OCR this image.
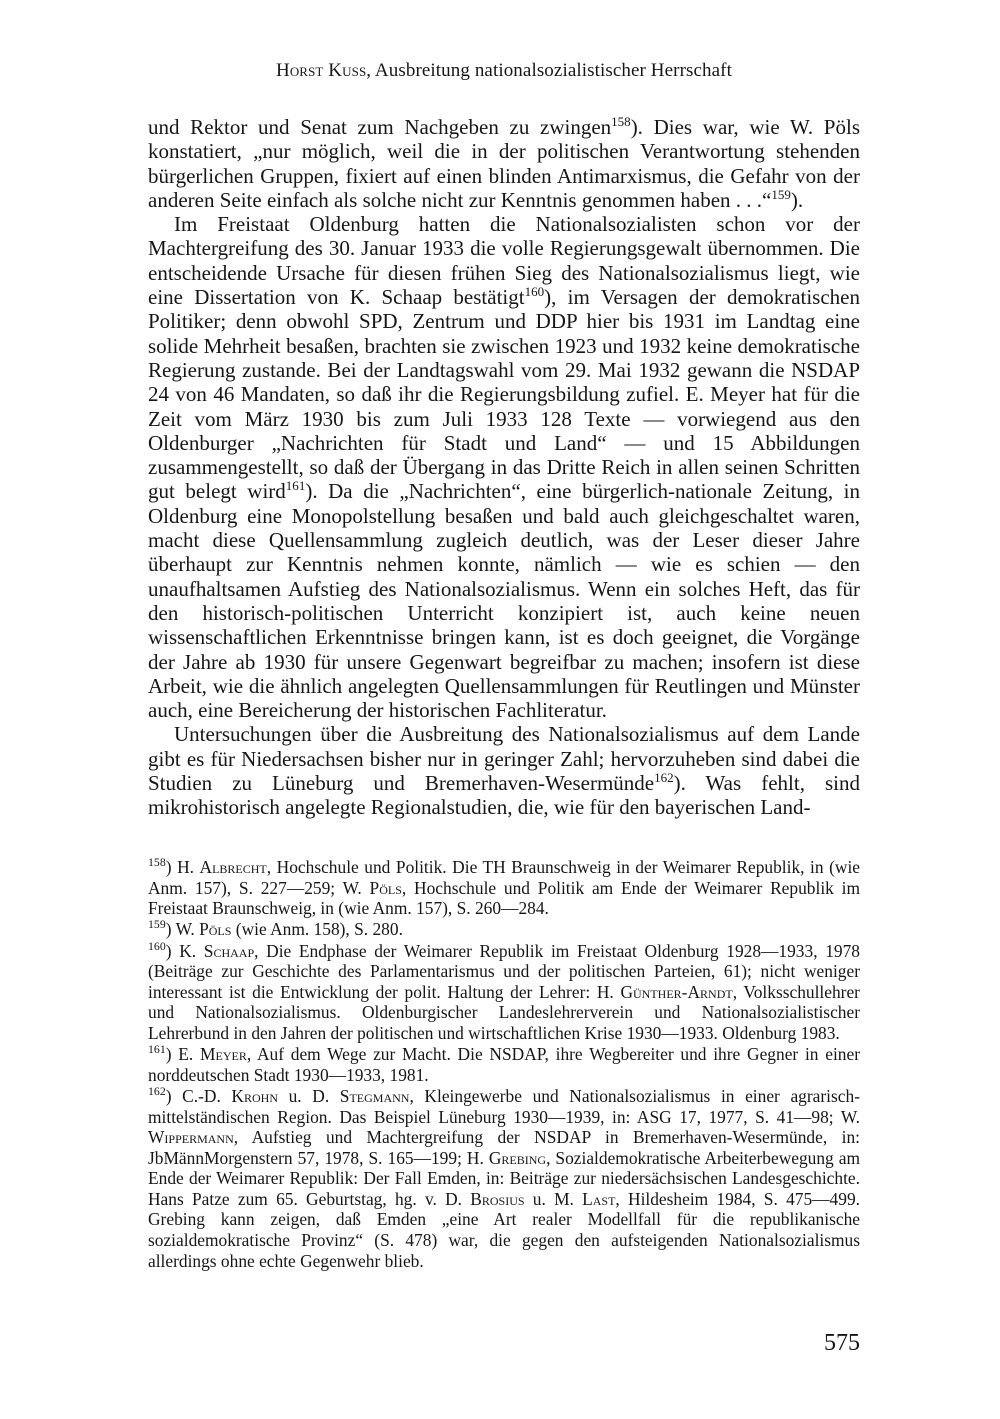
Horst Kuss, Ausbreitung nationalsozialistischer Herrschaft

und Rektor und Senat zum Nachgeben zu zwingen$^{158}$). Dies war, wie W. Pöls konstatiert, „nur möglich, weil die in der politischen Verantwortung stehenden bürgerlichen Gruppen, fixiert auf einen blinden Antimarxismus, die Gefahr von der anderen Seite einfach als solche nicht zur Kenntnis genommen haben . . .“$^{159}$).

Im Freistaat Oldenburg hatten die Nationalsozialisten schon vor der Machtergreifung des 30. Januar 1933 die volle Regierungsgewalt übernommen. Die entscheidende Ursache für diesen frühen Sieg des Nationalsozialismus liegt, wie eine Dissertation von K. Schaap bestätigt$^{160}$), im Versagen der demokratischen Politiker; denn obwohl SPD, Zentrum und DDP hier bis 1931 im Landtag eine solide Mehrheit besaßen, brachten sie zwischen 1923 und 1932 keine demokratische Regierung zustande. Bei der Landtagswahl vom 29. Mai 1932 gewann die NSDAP 24 von 46 Mandaten, so daß ihr die Regierungsbildung zufiel. E. Meyer hat für die Zeit vom März 1930 bis zum Juli 1933 128 Texte — vorwiegend aus den Oldenburger „Nachrichten für Stadt und Land“ — und 15 Abbildungen zusammengestellt, so daß der Übergang in das Dritte Reich in allen seinen Schritten gut belegt wird$^{161}$). Da die „Nachrichten“, eine bürgerlich-nationale Zeitung, in Oldenburg eine Monopolstellung besaßen und bald auch gleichgeschaltet waren, macht diese Quellensammlung zugleich deutlich, was der Leser dieser Jahre überhaupt zur Kenntnis nehmen konnte, nämlich — wie es schien — den unaufhaltsamen Aufstieg des Nationalsozialismus. Wenn ein solches Heft, das für den historisch-politischen Unterricht konzipiert ist, auch keine neuen wissenschaftlichen Erkenntnisse bringen kann, ist es doch geeignet, die Vorgänge der Jahre ab 1930 für unsere Gegenwart begreifbar zu machen; insofern ist diese Arbeit, wie die ähnlich angelegten Quellensammlungen für Reutlingen und Münster auch, eine Bereicherung der historischen Fachliteratur.

Untersuchungen über die Ausbreitung des Nationalsozialismus auf dem Lande gibt es für Niedersachsen bisher nur in geringer Zahl; hervorzuheben sind dabei die Studien zu Lüneburg und Bremerhaven-Wesermünde$^{162}$). Was fehlt, sind mikrohistorisch angelegte Regionalstudien, die, wie für den bayerischen Land-

$^{158}$) H. Albrecht, Hochschule und Politik. Die TH Braunschweig in der Weimarer Republik, in (wie Anm. 157), S. 227—259; W. Pöls, Hochschule und Politik am Ende der Weimarer Republik im Freistaat Braunschweig, in (wie Anm. 157), S. 260—284.

$^{159}$) W. Pöls (wie Anm. 158), S. 280.

$^{160}$) K. Schaap, Die Endphase der Weimarer Republik im Freistaat Oldenburg 1928—1933, 1978 (Beiträge zur Geschichte des Parlamentarismus und der politischen Parteien, 61); nicht weniger interessant ist die Entwicklung der polit. Haltung der Lehrer: H. Günther-Arndt, Volksschullehrer und Nationalsozialismus. Oldenburgischer Landeslehrerverein und Nationalsozialistischer Lehrerbund in den Jahren der politischen und wirtschaftlichen Krise 1930—1933. Oldenburg 1983.

$^{161}$) E. Meyer, Auf dem Wege zur Macht. Die NSDAP, ihre Wegbereiter und ihre Gegner in einer norddeutschen Stadt 1930—1933, 1981.

$^{162}$) C.-D. Krohn u. D. Stegmann, Kleingewerbe und Nationalsozialismus in einer agrarisch-mittelständischen Region. Das Beispiel Lüneburg 1930—1939, in: ASG 17, 1977, S. 41—98; W. Wippermann, Aufstieg und Machtergreifung der NSDAP in Bremerhaven-Wesermünde, in: JbMännMorgenstern 57, 1978, S. 165—199; H. Grebing, Sozialdemokratische Arbeiterbewegung am Ende der Weimarer Republik: Der Fall Emden, in: Beiträge zur niedersächsischen Landesgeschichte. Hans Patze zum 65. Geburtstag, hg. v. D. Brosius u. M. Last, Hildesheim 1984, S. 475—499. Grebing kann zeigen, daß Emden „eine Art realer Modellfall für die republikanische sozialdemokratische Provinz“ (S. 478) war, die gegen den aufsteigenden Nationalsozialismus allerdings ohne echte Gegenwehr blieb.

575
